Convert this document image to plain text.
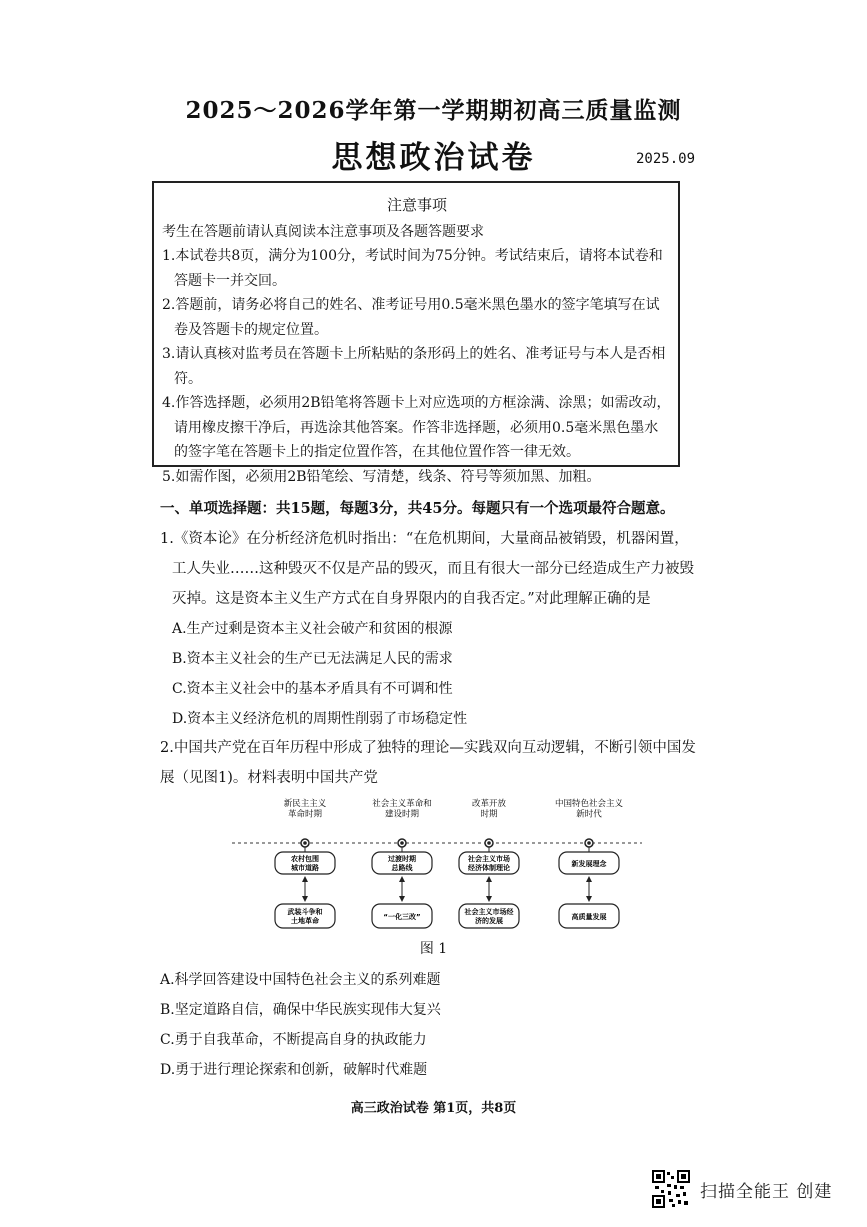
2025～2026学年第一学期期初高三质量监测
思想政治试卷	2025.09
注意事项
考生在答题前请认真阅读本注意事项及各题答题要求
1.本试卷共8页，满分为100分，考试时间为75分钟。考试结束后，请将本试卷和答题卡一并交回。
2.答题前，请务必将自己的姓名、准考证号用0.5毫米黑色墨水的签字笔填写在试卷及答题卡的规定位置。
3.请认真核对监考员在答题卡上所粘贴的条形码上的姓名、准考证号与本人是否相符。
4.作答选择题，必须用2B铅笔将答题卡上对应选项的方框涂满、涂黑；如需改动，请用橡皮擦干净后，再选涂其他答案。作答非选择题，必须用0.5毫米黑色墨水的签字笔在答题卡上的指定位置作答，在其他位置作答一律无效。
5.如需作图，必须用2B铅笔绘、写清楚，线条、符号等须加黑、加粗。
一、单项选择题：共15题，每题3分，共45分。每题只有一个选项最符合题意。
1.《资本论》在分析经济危机时指出：“在危机期间，大量商品被销毁，机器闲置，工人失业……这种毁灭不仅是产品的毁灭，而且有很大一部分已经造成生产力被毁灭掉。这是资本主义生产方式在自身界限内的自我否定。”对此理解正确的是
A.生产过剩是资本主义社会破产和贫困的根源
B.资本主义社会的生产已无法满足人民的需求
C.资本主义社会中的基本矛盾具有不可调和性
D.资本主义经济危机的周期性削弱了市场稳定性
2.中国共产党在百年历程中形成了独特的理论—实践双向互动逻辑，不断引领中国发展（见图1)。材料表明中国共产党
新民主主义革命时期
农村包围城市道路
武装斗争和土地革命
社会主义革命和建设时期
过渡时期总路线
“一化三改”
改革开放时期
社会主义市场经济体制理论
社会主义市场经济的发展
中国特色社会主义新时代
新发展理念
高质量发展
图 1
A.科学回答建设中国特色社会主义的系列难题
B.坚定道路自信，确保中华民族实现伟大复兴
C.勇于自我革命，不断提高自身的执政能力
D.勇于进行理论探索和创新，破解时代难题
高三政治试卷 第1页，共8页
扫描全能王 创建
